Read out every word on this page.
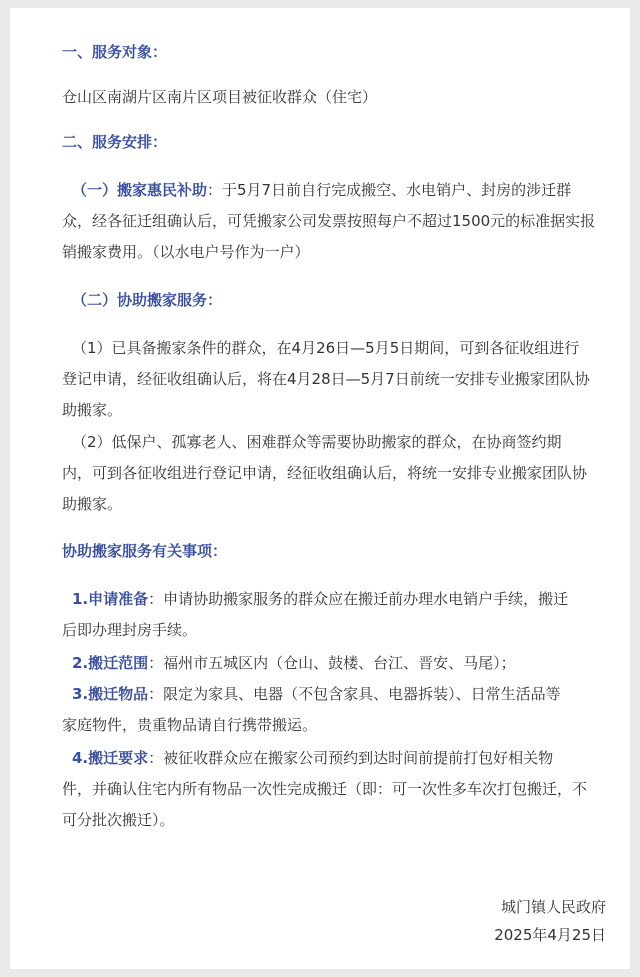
一、服务对象：
仓山区南湖片区南片区项目被征收群众（住宅）
二、服务安排：
（一）搬家惠民补助：于5月7日前自行完成搬空、水电销户、封房的涉迁群
众，经各征迁组确认后，可凭搬家公司发票按照每户不超过1500元的标准据实报
销搬家费用。（以水电户号作为一户）
（二）协助搬家服务：
（1）已具备搬家条件的群众，在4月26日—5月5日期间，可到各征收组进行
登记申请，经征收组确认后，将在4月28日—5月7日前统一安排专业搬家团队协
助搬家。
（2）低保户、孤寡老人、困难群众等需要协助搬家的群众，在协商签约期
内，可到各征收组进行登记申请，经征收组确认后，将统一安排专业搬家团队协
助搬家。
协助搬家服务有关事项：
1.申请准备：申请协助搬家服务的群众应在搬迁前办理水电销户手续，搬迁
后即办理封房手续。
2.搬迁范围：福州市五城区内（仓山、鼓楼、台江、晋安、马尾）；
3.搬迁物品：限定为家具、电器（不包含家具、电器拆装）、日常生活品等
家庭物件，贵重物品请自行携带搬运。
4.搬迁要求：被征收群众应在搬家公司预约到达时间前提前打包好相关物
件，并确认住宅内所有物品一次性完成搬迁（即：可一次性多车次打包搬迁，不
可分批次搬迁）。
城门镇人民政府
2025年4月25日
